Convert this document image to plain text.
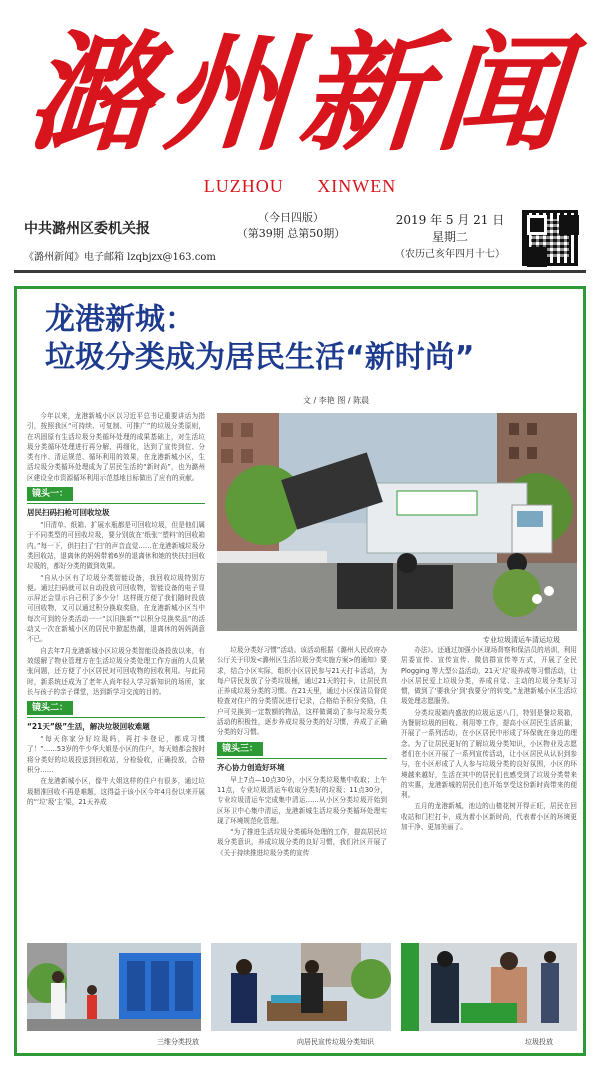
潞州新闻
LUZHOU XINWEN
中共潞州区委机关报
《潞州新闻》电子邮箱 lzqbjzx@163.com
（今日四版）
（第39期 总第50期）
2019 年 5 月 21 日
星期二
（农历己亥年四月十七）
龙港新城：
垃圾分类成为居民生活“新时尚”
文 / 李艳 图 / 陈晨

今年以来，龙港新城小区以习近平总书记重要讲话为指引，按照我区“可持续、可复制、可推广”的垃圾分类原则，在巩固原有生活垃圾分类循环处理的成果基础上，对生活垃圾分类循环处理进行再分解、再细化，达到了宣传到位、分类有序、清运规范、循环利用的效果，在龙港新城小区，生活垃圾分类循环处理成为了居民生活的“新时尚”，也为潞州区建设全市资源循环利用示范基地目标做出了应有的贡献。

镜头一：

居民扫码扫枪可回收垃圾

“旧清单、纸箱、扩展水瓶都是可回收垃圾，但是他们属于不同类型的可回收垃圾，要分别放在‘纸张’‘塑料’的回收箱内。”每一下，供扫扫了‘扫’的声音直觉……在龙港新城垃圾分类回收站，退离休的妈妈带着6岁的退离休和她的快扶扫回收垃圾的，都好分类的做到效果。

“自从小区有了垃圾分类智能设备，我回收垃圾特别方便。通过扫码就可以自动投放可回收物，智能设备的电子显示屏还会显示自己积了多少分！这样既方便了我们随时投放可回收物，又可以通过积分换取奖励，在龙港新城小区当中每次可到的分类活动一一“以旧换新”“以积分兑换奖品”的活动又一次在新城小区的居民中掀起热潮，退离休的妈妈满意不已。

自去年7月龙港新城小区垃圾分类智能设备投放以来，有效缓解了物业管理方在生活垃圾分类处理工作方面的人员紧张问题，还方便了小区居民对可回收物的回收利用。与此同时，新系统还成为了老年人尚年轻人学习新知识的场所，家长与孩子的亲子课堂，达到新学习交流的目的。

镜头二：

“21天”级”生活，解决垃圾回收难题

“每天你家分好垃圾吗，再打卡登记，都成习惯了！”……53岁的牛少华大姐是小区的住户，每天她都会按时将分类好的垃圾投送到回收站，分检验收，正确投放，合格积分……

在龙港新城小区，像牛大姐这样的住户有很多，通过垃圾精准回收不再是难题，这得益于该小区今年4月份以来开展的“‘垃’圾‘主’渠，21天养成

专业垃圾清运车清运垃圾

垃圾分类好习惯”活动。该活动根据《潞州人民政府办公厅关于印发<潞州区生活垃圾分类实施方案>的通知》要求，结合小区实际，组织小区居民参与21天打卡活动，为每户居民发放了分类垃圾桶，通过21天的打卡，让居民真正养成垃圾分类的习惯。在21天里，通过小区保洁员督促检查对住户的分类情况进行记录，合格给予积分奖励，住户可兑换到一定数额的物品，这样做调动了参与垃圾分类活动的积极性，逐步养成垃圾分类的好习惯，养成了正确分类的好习惯。

镜头三：

齐心协力创造好环境

早上7点—10点30分，小区分类垃圾集中收取；上午11点，专业垃圾清运车收取分类好的垃圾；11点30分，专业垃圾清运车完成集中清运……从小区分类垃圾开始到区环卫中心集中清运，龙港新城生活垃圾分类循环处理实现了环境规范化管理。

“为了推进生活垃圾分类循环处理的工作，提高居民垃圾分类意识，养成垃圾分类的良好习惯，我们社区开展了《关于持续推进垃圾分类的宣传

办法》。还通过加强小区现场督察和保洁员的培训，利用居委宣传、宣传宣传、微信群宣传等方式，开展了全民 Plogging 等大型公益活动，21天‘垃’圾养成等习惯活动，让小区居民爱上垃圾分类，养成自觉、主动的垃圾分类好习惯，做到了‘要我分’到‘我要分’的转变。”龙港新城小区生活垃圾处理志愿服务。

分类垃圾箱内盛放的垃圾运送八门，特别是餐垃圾箱，为餐厨垃圾的回收、利用等工作，提高小区居民生活质量，开展了一系列活动，在小区居民中形成了环保就在身边的理念。为了让居民更好的了解垃圾分类知识，小区物业及志愿者们在小区开展了一系列宣传活动，让小区居民从认识到参与，在小区形成了人人参与垃圾分类的良好氛围，小区的环境越来越好，生活在其中的居民们也感受到了垃圾分类带来的实惠，龙港新城的居民们也开始享受这份新时尚带来的便利。

五月的龙港新城，池边的山楂花树开得正旺，居民在回收站和门栏打卡，成为着小区新时尚，代表着小区的环境更加干净、更加美丽了。

三维分类投放	向居民宣传垃圾分类知识	垃圾投放
